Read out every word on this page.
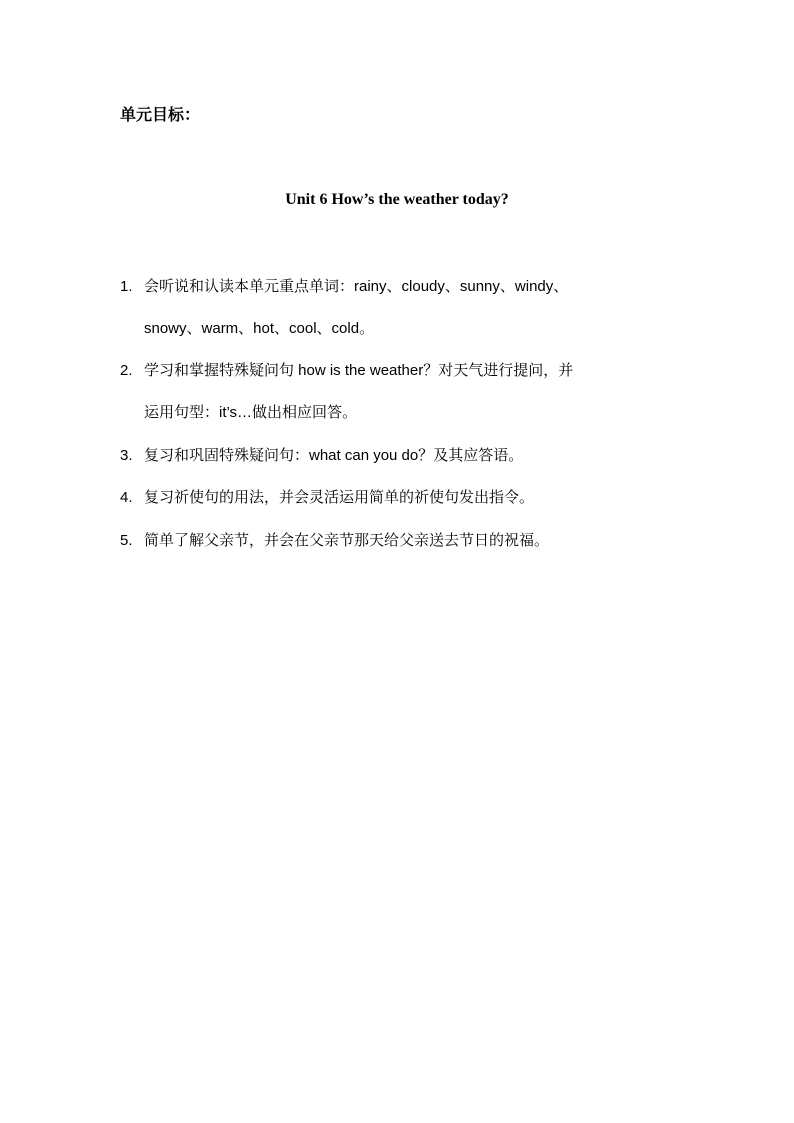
单元目标：
Unit 6 How’s the weather today?
1. 会听说和认读本单元重点单词：rainy、cloudy、sunny、windy、
snowy、warm、hot、cool、cold。
2. 学习和掌握特殊疑问句 how is the weather？对天气进行提问，并
运用句型：it’s…做出相应回答。
3. 复习和巩固特殊疑问句：what can you do？及其应答语。
4. 复习祈使句的用法，并会灵活运用简单的祈使句发出指令。
5. 简单了解父亲节，并会在父亲节那天给父亲送去节日的祝福。
